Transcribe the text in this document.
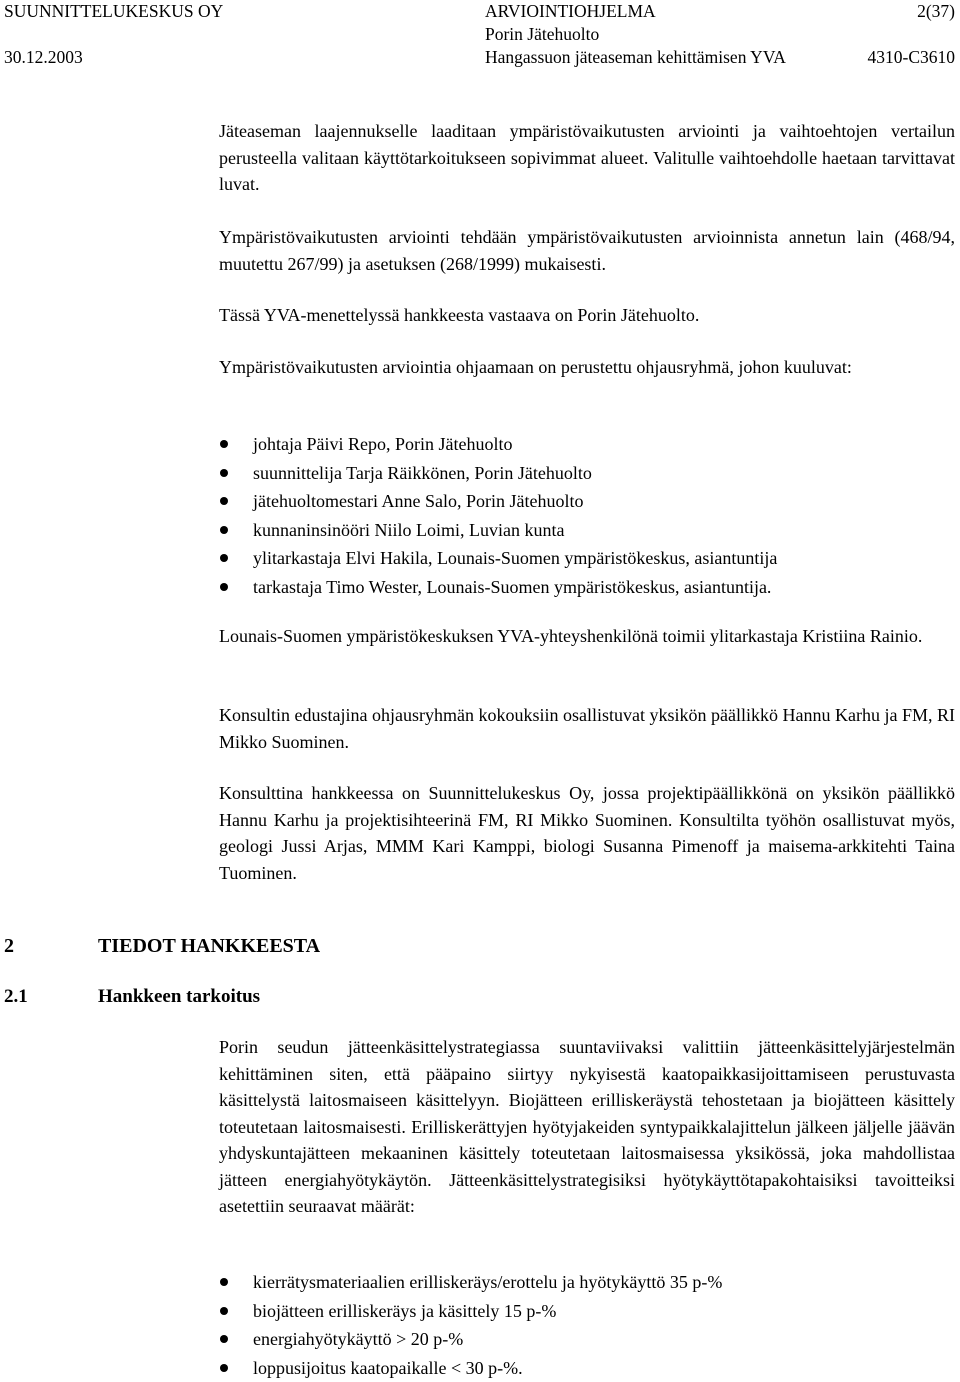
SUUNNITTELUKESKUS OY	ARVIOINTIOHJELMA	2(37)
Porin Jätehuolto
30.12.2003	Hangassuon jäteaseman kehittämisen YVA	4310-C3610

Jäteaseman laajennukselle laaditaan ympäristövaikutusten arviointi ja vaihtoehtojen vertailun perusteella valitaan käyttötarkoitukseen sopivimmat alueet. Valitulle vaihtoehdolle haetaan tarvittavat luvat.

Ympäristövaikutusten arviointi tehdään ympäristövaikutusten arvioinnista annetun lain (468/94, muutettu 267/99) ja asetuksen (268/1999) mukaisesti.

Tässä YVA-menettelyssä hankkeesta vastaava on Porin Jätehuolto.

Ympäristövaikutusten arviointia ohjaamaan on perustettu ohjausryhmä, johon kuuluvat:

johtaja Päivi Repo, Porin Jätehuolto
suunnittelija Tarja Räikkönen, Porin Jätehuolto
jätehuoltomestari Anne Salo, Porin Jätehuolto
kunnaninsinööri Niilo Loimi, Luvian kunta
ylitarkastaja Elvi Hakila, Lounais-Suomen ympäristökeskus, asiantuntija
tarkastaja Timo Wester, Lounais-Suomen ympäristökeskus, asiantuntija.

Lounais-Suomen ympäristökeskuksen YVA-yhteyshenkilönä toimii ylitarkastaja Kristiina Rainio.

Konsultin edustajina ohjausryhmän kokouksiin osallistuvat yksikön päällikkö Hannu Karhu ja FM, RI Mikko Suominen.

Konsulttina hankkeessa on Suunnittelukeskus Oy, jossa projektipäällikkönä on yksikön päällikkö Hannu Karhu ja projektisihteerinä FM, RI Mikko Suominen. Konsultilta työhön osallistuvat myös, geologi Jussi Arjas, MMM Kari Kamppi, biologi Susanna Pimenoff ja maisema-arkkitehti Taina Tuominen.

2	TIEDOT HANKKEESTA
2.1	Hankkeen tarkoitus

Porin seudun jätteenkäsittelystrategiassa suuntaviivaksi valittiin jätteenkäsittelyjärjestelmän kehittäminen siten, että pääpaino siirtyy nykyisestä kaatopaikkasijoittamiseen perustuvasta käsittelystä laitosmaiseen käsittelyyn. Biojätteen erilliskeräystä tehostetaan ja biojätteen käsittely toteutetaan laitosmaisesti. Erilliskerättyjen hyötyjakeiden syntypaikkalajittelun jälkeen jäljelle jäävän yhdyskuntajätteen mekaaninen käsittely toteutetaan laitosmaisessa yksikössä, joka mahdollistaa jätteen energiahyötykäytön. Jätteenkäsittelystrategisiksi hyötykäyttötapakohtaisiksi tavoitteiksi asetettiin seuraavat määrät:

kierrätysmateriaalien erilliskeräys/erottelu ja hyötykäyttö 35 p-%
biojätteen erilliskeräys ja käsittely 15 p-%
energiahyötykäyttö > 20 p-%
loppusijoitus kaatopaikalle < 30 p-%.
